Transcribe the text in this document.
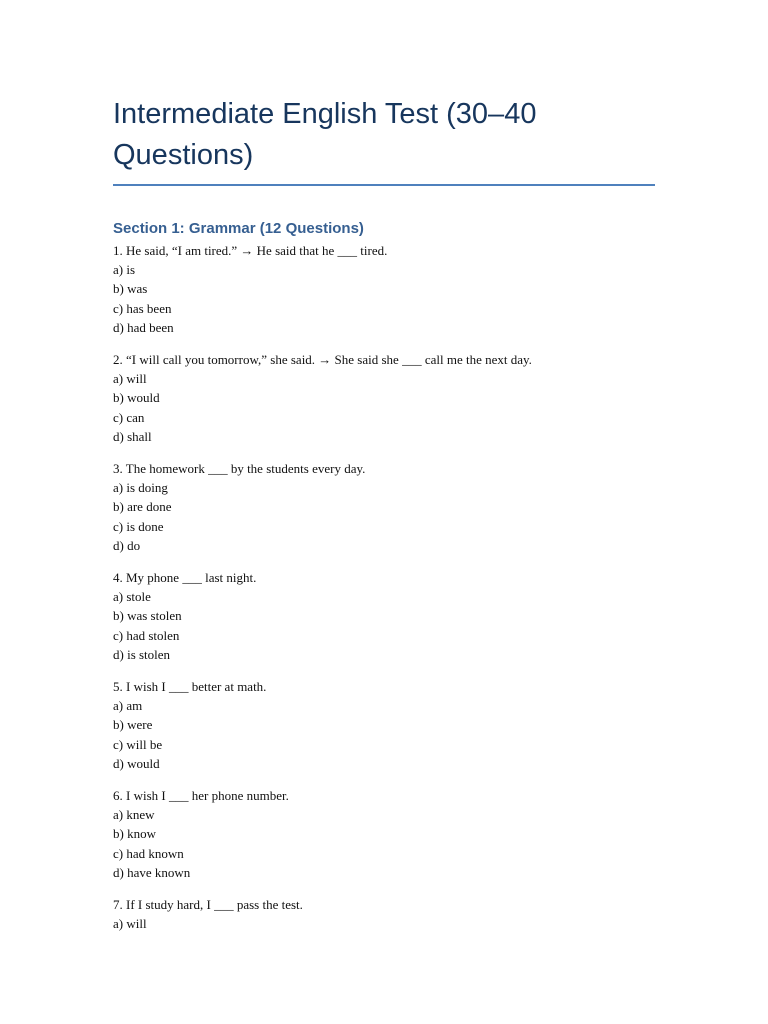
Intermediate English Test (30–40 Questions)
Section 1: Grammar (12 Questions)
1. He said, “I am tired.” → He said that he ___ tired.
a) is
b) was
c) has been
d) had been
2. “I will call you tomorrow,” she said. → She said she ___ call me the next day.
a) will
b) would
c) can
d) shall
3. The homework ___ by the students every day.
a) is doing
b) are done
c) is done
d) do
4. My phone ___ last night.
a) stole
b) was stolen
c) had stolen
d) is stolen
5. I wish I ___ better at math.
a) am
b) were
c) will be
d) would
6. I wish I ___ her phone number.
a) knew
b) know
c) had known
d) have known
7. If I study hard, I ___ pass the test.
a) will
